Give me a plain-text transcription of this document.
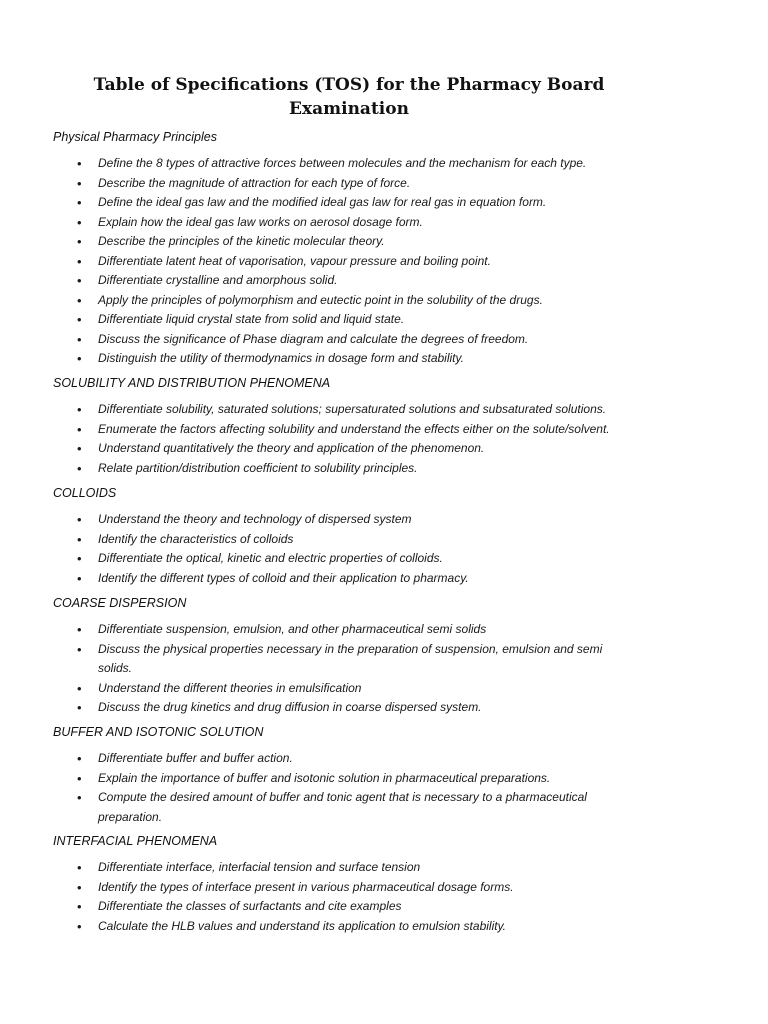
Table of Specifications (TOS) for the Pharmacy Board Examination

Physical Pharmacy Principles

• Define the 8 types of attractive forces between molecules and the mechanism for each type.
• Describe the magnitude of attraction for each type of force.
• Define the ideal gas law and the modified ideal gas law for real gas in equation form.
• Explain how the ideal gas law works on aerosol dosage form.
• Describe the principles of the kinetic molecular theory.
• Differentiate latent heat of vaporisation, vapour pressure and boiling point.
• Differentiate crystalline and amorphous solid.
• Apply the principles of polymorphism and eutectic point in the solubility of the drugs.
• Differentiate liquid crystal state from solid and liquid state.
• Discuss the significance of Phase diagram and calculate the degrees of freedom.
• Distinguish the utility of thermodynamics in dosage form and stability.

SOLUBILITY AND DISTRIBUTION PHENOMENA

• Differentiate solubility, saturated solutions; supersaturated solutions and subsaturated solutions.
• Enumerate the factors affecting solubility and understand the effects either on the solute/solvent.
• Understand quantitatively the theory and application of the phenomenon.
• Relate partition/distribution coefficient to solubility principles.

COLLOIDS

• Understand the theory and technology of dispersed system
• Identify the characteristics of colloids
• Differentiate the optical, kinetic and electric properties of colloids.
• Identify the different types of colloid and their application to pharmacy.

COARSE DISPERSION

• Differentiate suspension, emulsion, and other pharmaceutical semi solids
• Discuss the physical properties necessary in the preparation of suspension, emulsion and semi solids.
• Understand the different theories in emulsification
• Discuss the drug kinetics and drug diffusion in coarse dispersed system.

BUFFER AND ISOTONIC SOLUTION

• Differentiate buffer and buffer action.
• Explain the importance of buffer and isotonic solution in pharmaceutical preparations.
• Compute the desired amount of buffer and tonic agent that is necessary to a pharmaceutical preparation.

INTERFACIAL PHENOMENA

• Differentiate interface, interfacial tension and surface tension
• Identify the types of interface present in various pharmaceutical dosage forms.
• Differentiate the classes of surfactants and cite examples
• Calculate the HLB values and understand its application to emulsion stability.
